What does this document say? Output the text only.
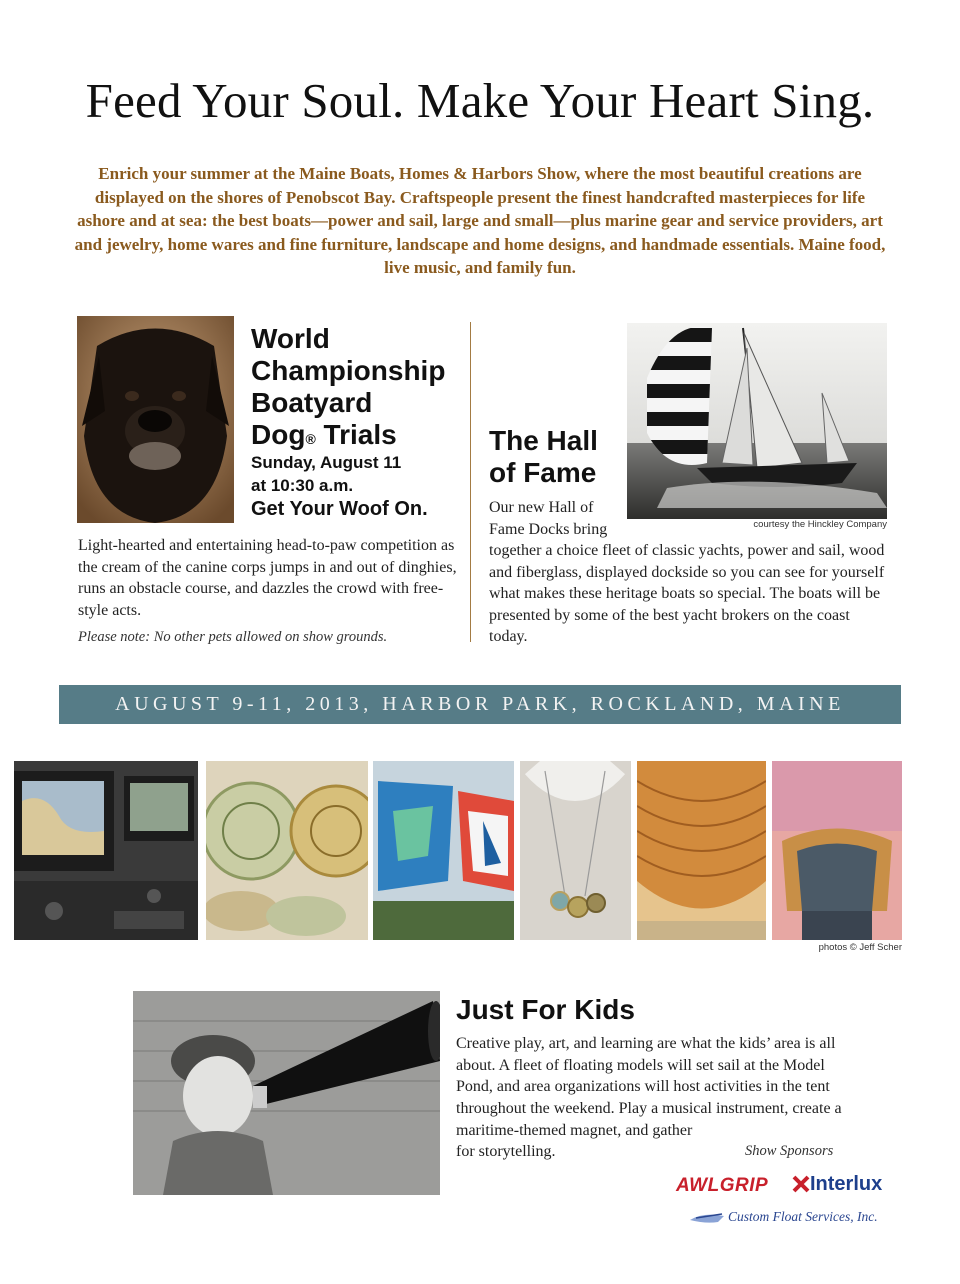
Feed Your Soul. Make Your Heart Sing.
Enrich your summer at the Maine Boats, Homes & Harbors Show, where the most beautiful creations are displayed on the shores of Penobscot Bay. Craftspeople present the finest handcrafted masterpieces for life ashore and at sea: the best boats—power and sail, large and small—plus marine gear and service providers, art and jewelry, home wares and fine furniture, landscape and home designs, and handmade essentials. Maine food, live music, and family fun.
World
Championship
Boatyard
Dog® Trials
Sunday, August 11
at 10:30 a.m.
Get Your Woof On.
Light-hearted and entertaining head-to-paw competition as the cream of the canine corps jumps in and out of dinghies, runs an obstacle course, and dazzles the crowd with free-style acts.
Please note: No other pets allowed on show grounds.
courtesy the Hinckley Company
The Hall
of Fame
Our new Hall of Fame Docks bring
together a choice fleet of classic yachts, power and sail, wood and fiberglass, displayed dockside so you can see for yourself what makes these heritage boats so special. The boats will be presented by some of the best yacht brokers on the coast today.
AUGUST 9-11, 2013, HARBOR PARK, ROCKLAND, MAINE
photos © Jeff Scher
Just For Kids
Creative play, art, and learning are what the kids’ area is all about. A fleet of floating models will set sail at the Model Pond, and area organizations will host activities in the tent throughout the weekend. Play a musical instrument, create a maritime-themed magnet, and gather
for storytelling.	Show Sponsors
AWLGRIP	Interlux
Custom Float Services, Inc.
